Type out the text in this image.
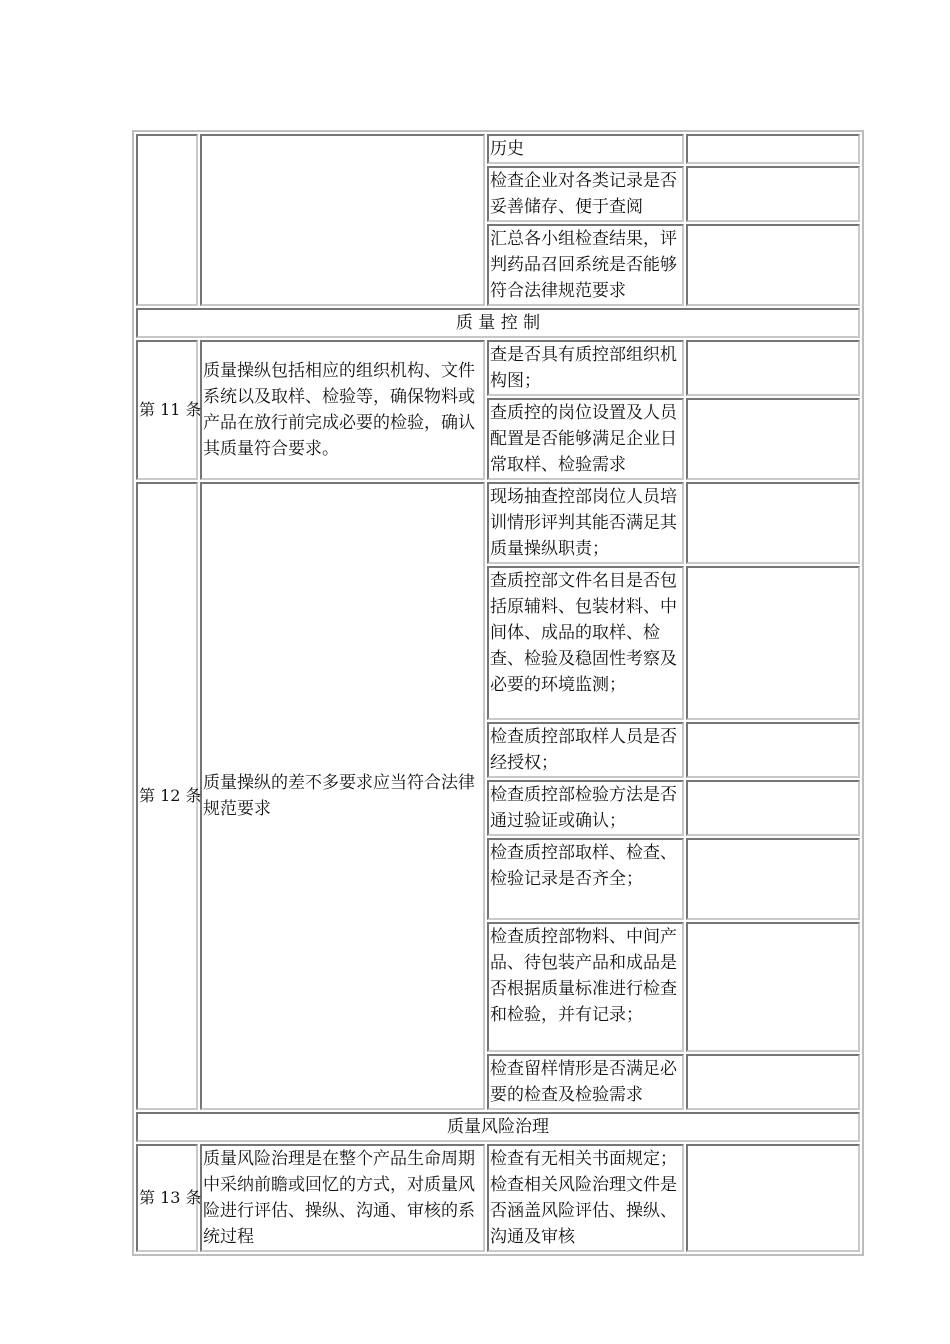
		历史	
		检查企业对各类记录是否妥善储存、便于查阅	
		汇总各小组检查结果，评判药品召回系统是否能够符合法律规范要求	
质 量 控 制			
第 11 条	质量操纵包括相应的组织机构、文件系统以及取样、检验等，确保物料或产品在放行前完成必要的检验，确认其质量符合要求。	查是否具有质控部组织机构图；	
		查质控的岗位设置及人员配置是否能够满足企业日常取样、检验需求	
第 12 条	质量操纵的差不多要求应当符合法律规范要求	现场抽查控部岗位人员培训情形评判其能否满足其质量操纵职责；	
		查质控部文件名目是否包括原辅料、包装材料、中间体、成品的取样、检查、检验及稳固性考察及必要的环境监测；	
		检查质控部取样人员是否经授权；	
		检查质控部检验方法是否通过验证或确认；	
		检查质控部取样、检查、检验记录是否齐全；	
		检查质控部物料、中间产品、待包装产品和成品是否根据质量标准进行检查和检验，并有记录；	
		检查留样情形是否满足必要的检查及检验需求	
质量风险治理			
第 13 条	质量风险治理是在整个产品生命周期中采纳前瞻或回忆的方式，对质量风险进行评估、操纵、沟通、审核的系统过程	检查有无相关书面规定；检查相关风险治理文件是否涵盖风险评估、操纵、沟通及审核	
